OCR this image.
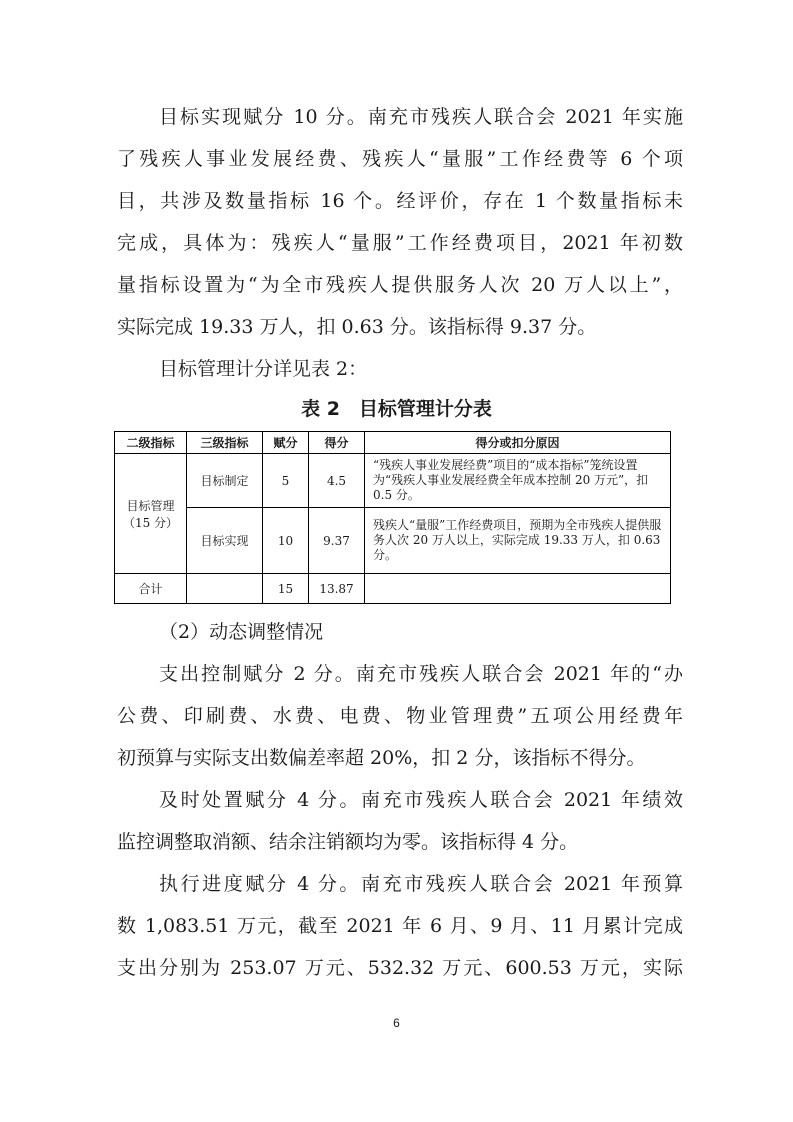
目标实现赋分 10 分。南充市残疾人联合会 2021 年实施
了残疾人事业发展经费、残疾人“量服”工作经费等 6 个项
目，共涉及数量指标 16 个。经评价，存在 1 个数量指标未
完成，具体为：残疾人“量服”工作经费项目，2021 年初数
量指标设置为“为全市残疾人提供服务人次 20 万人以上”，
实际完成 19.33 万人，扣 0.63 分。该指标得 9.37 分。
目标管理计分详见表 2：
表 2　目标管理计分表
二级指标	三级指标	赋分	得分	得分或扣分原因

目标管理
（15 分）	目标制定	5	4.5	“残疾人事业发展经费”项目的“成本指标”笼统设置为“残疾人事业发展经费全年成本控制 20 万元”，扣 0.5 分。
	目标实现	10	9.37	残疾人“量服”工作经费项目，预期为全市残疾人提供服务人次 20 万人以上，实际完成 19.33 万人，扣 0.63 分。
合计		15	13.87	
（2）动态调整情况
支出控制赋分 2 分。南充市残疾人联合会 2021 年的“办
公费、印刷费、水费、电费、物业管理费”五项公用经费年
初预算与实际支出数偏差率超 20%，扣 2 分，该指标不得分。
及时处置赋分 4 分。南充市残疾人联合会 2021 年绩效
监控调整取消额、结余注销额均为零。该指标得 4 分。
执行进度赋分 4 分。南充市残疾人联合会 2021 年预算
数 1,083.51 万元，截至 2021 年 6 月、9 月、11 月累计完成
支出分别为 253.07 万元、532.32 万元、600.53 万元，实际
6
